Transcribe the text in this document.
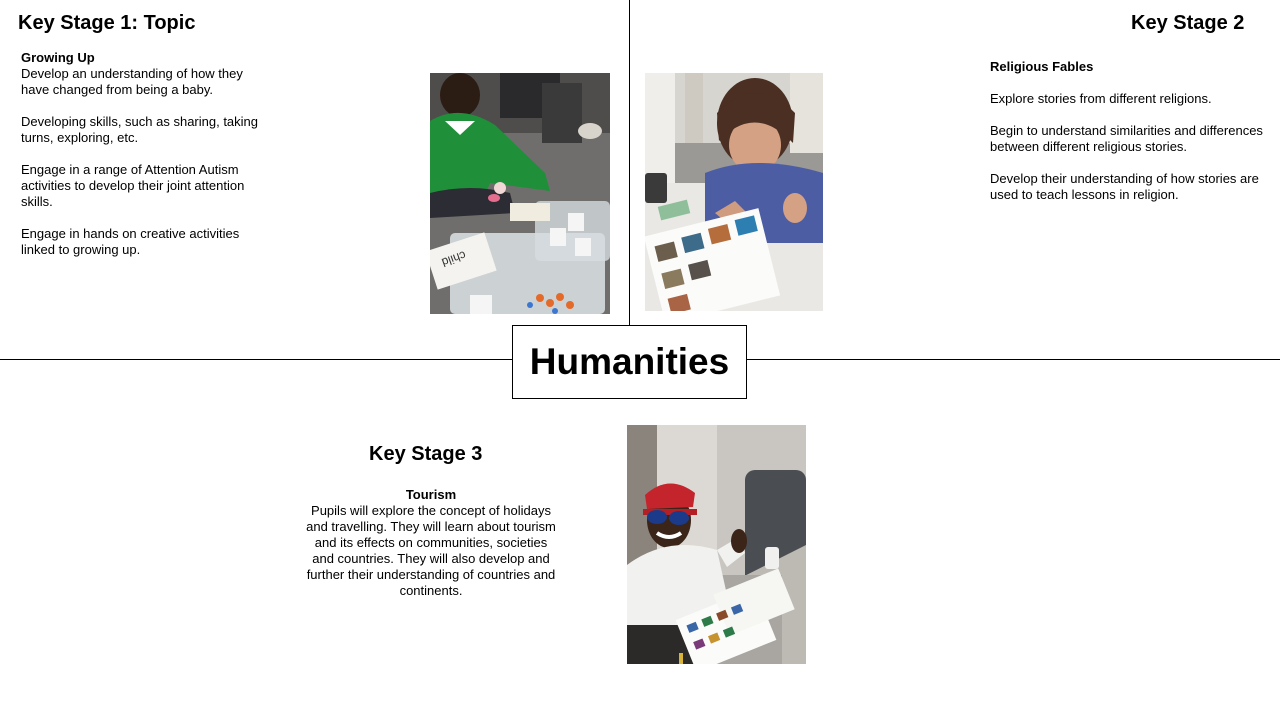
Humanities
Key Stage 1: Topic
Growing Up

Develop an understanding of how they have changed from being a baby.

Developing skills, such as sharing, taking turns, exploring, etc.

Engage in a range of Attention Autism activities to develop their joint attention skills.

Engage in hands on creative activities linked to growing up.	child
Key Stage 2

Religious Fables

Explore stories from different religions.

Begin to understand similarities and differences between different religious stories.

Develop their understanding of how stories are used to teach lessons in religion.

Key Stage 3
Tourism
Pupils will explore the concept of holidays and travelling. They will learn about tourism and its effects on communities, societies and countries. They will also develop and further their understanding of countries and continents.
